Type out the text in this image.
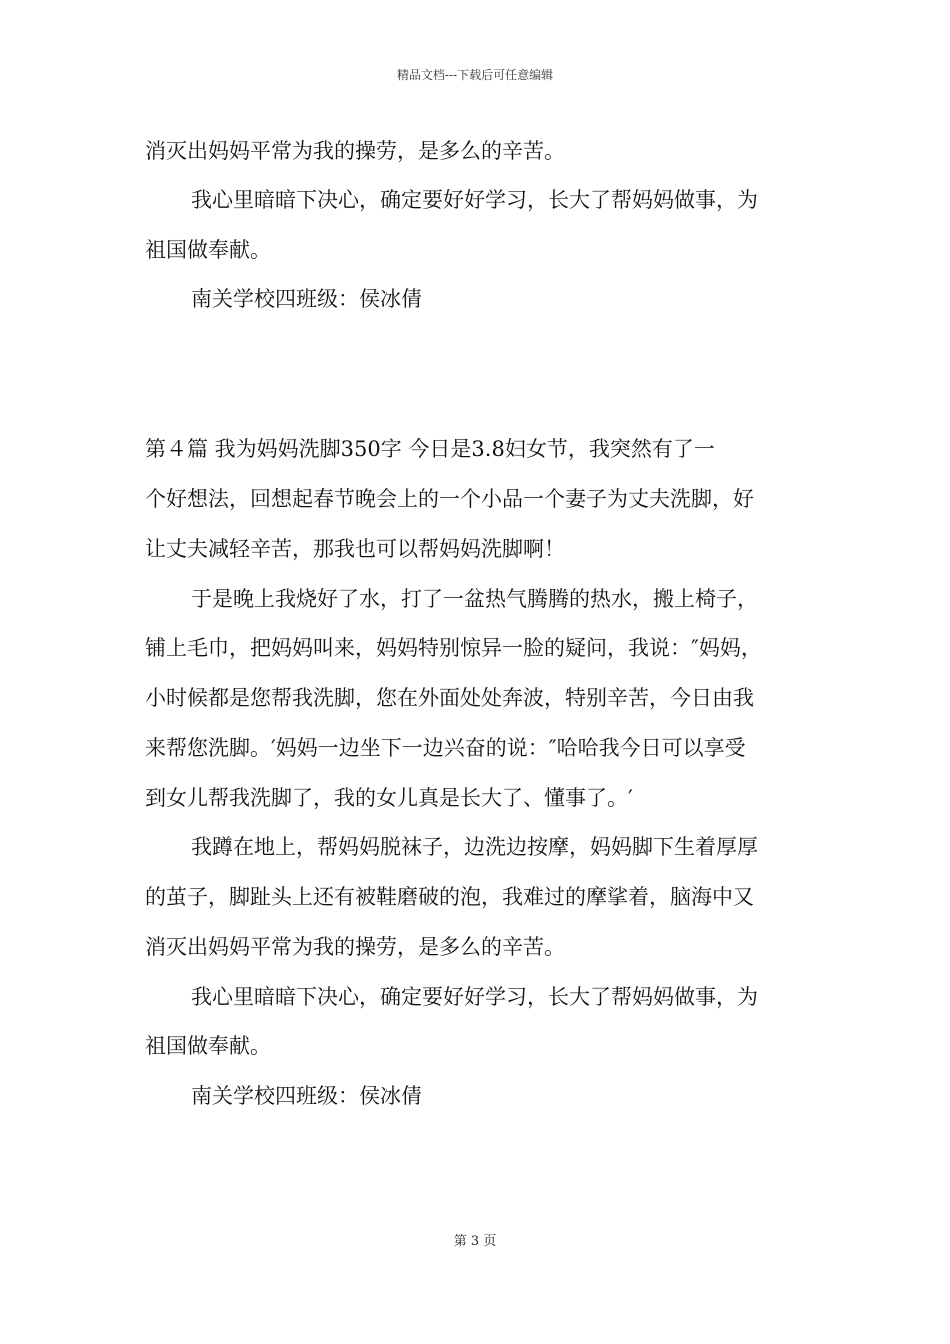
精品文档---下载后可任意编辑
消灭出妈妈平常为我的操劳，是多么的辛苦。
我心里暗暗下决心，确定要好好学习，长大了帮妈妈做事，为
祖国做奉献。
南关学校四班级：侯冰倩
第４篇 我为妈妈洗脚350字 今日是3.8妇女节，我突然有了一
个好想法，回想起春节晚会上的一个小品一个妻子为丈夫洗脚，好
让丈夫减轻辛苦，那我也可以帮妈妈洗脚啊！
于是晚上我烧好了水，打了一盆热气腾腾的热水，搬上椅子，
铺上毛巾，把妈妈叫来，妈妈特别惊异一脸的疑问，我说：″妈妈，
小时候都是您帮我洗脚，您在外面处处奔波，特别辛苦，今日由我
来帮您洗脚。′妈妈一边坐下一边兴奋的说：″哈哈我今日可以享受
到女儿帮我洗脚了，我的女儿真是长大了、懂事了。′
我蹲在地上，帮妈妈脱袜子，边洗边按摩，妈妈脚下生着厚厚
的茧子，脚趾头上还有被鞋磨破的泡，我难过的摩挲着，脑海中又
消灭出妈妈平常为我的操劳，是多么的辛苦。
我心里暗暗下决心，确定要好好学习，长大了帮妈妈做事，为
祖国做奉献。
南关学校四班级：侯冰倩
第 3 页
